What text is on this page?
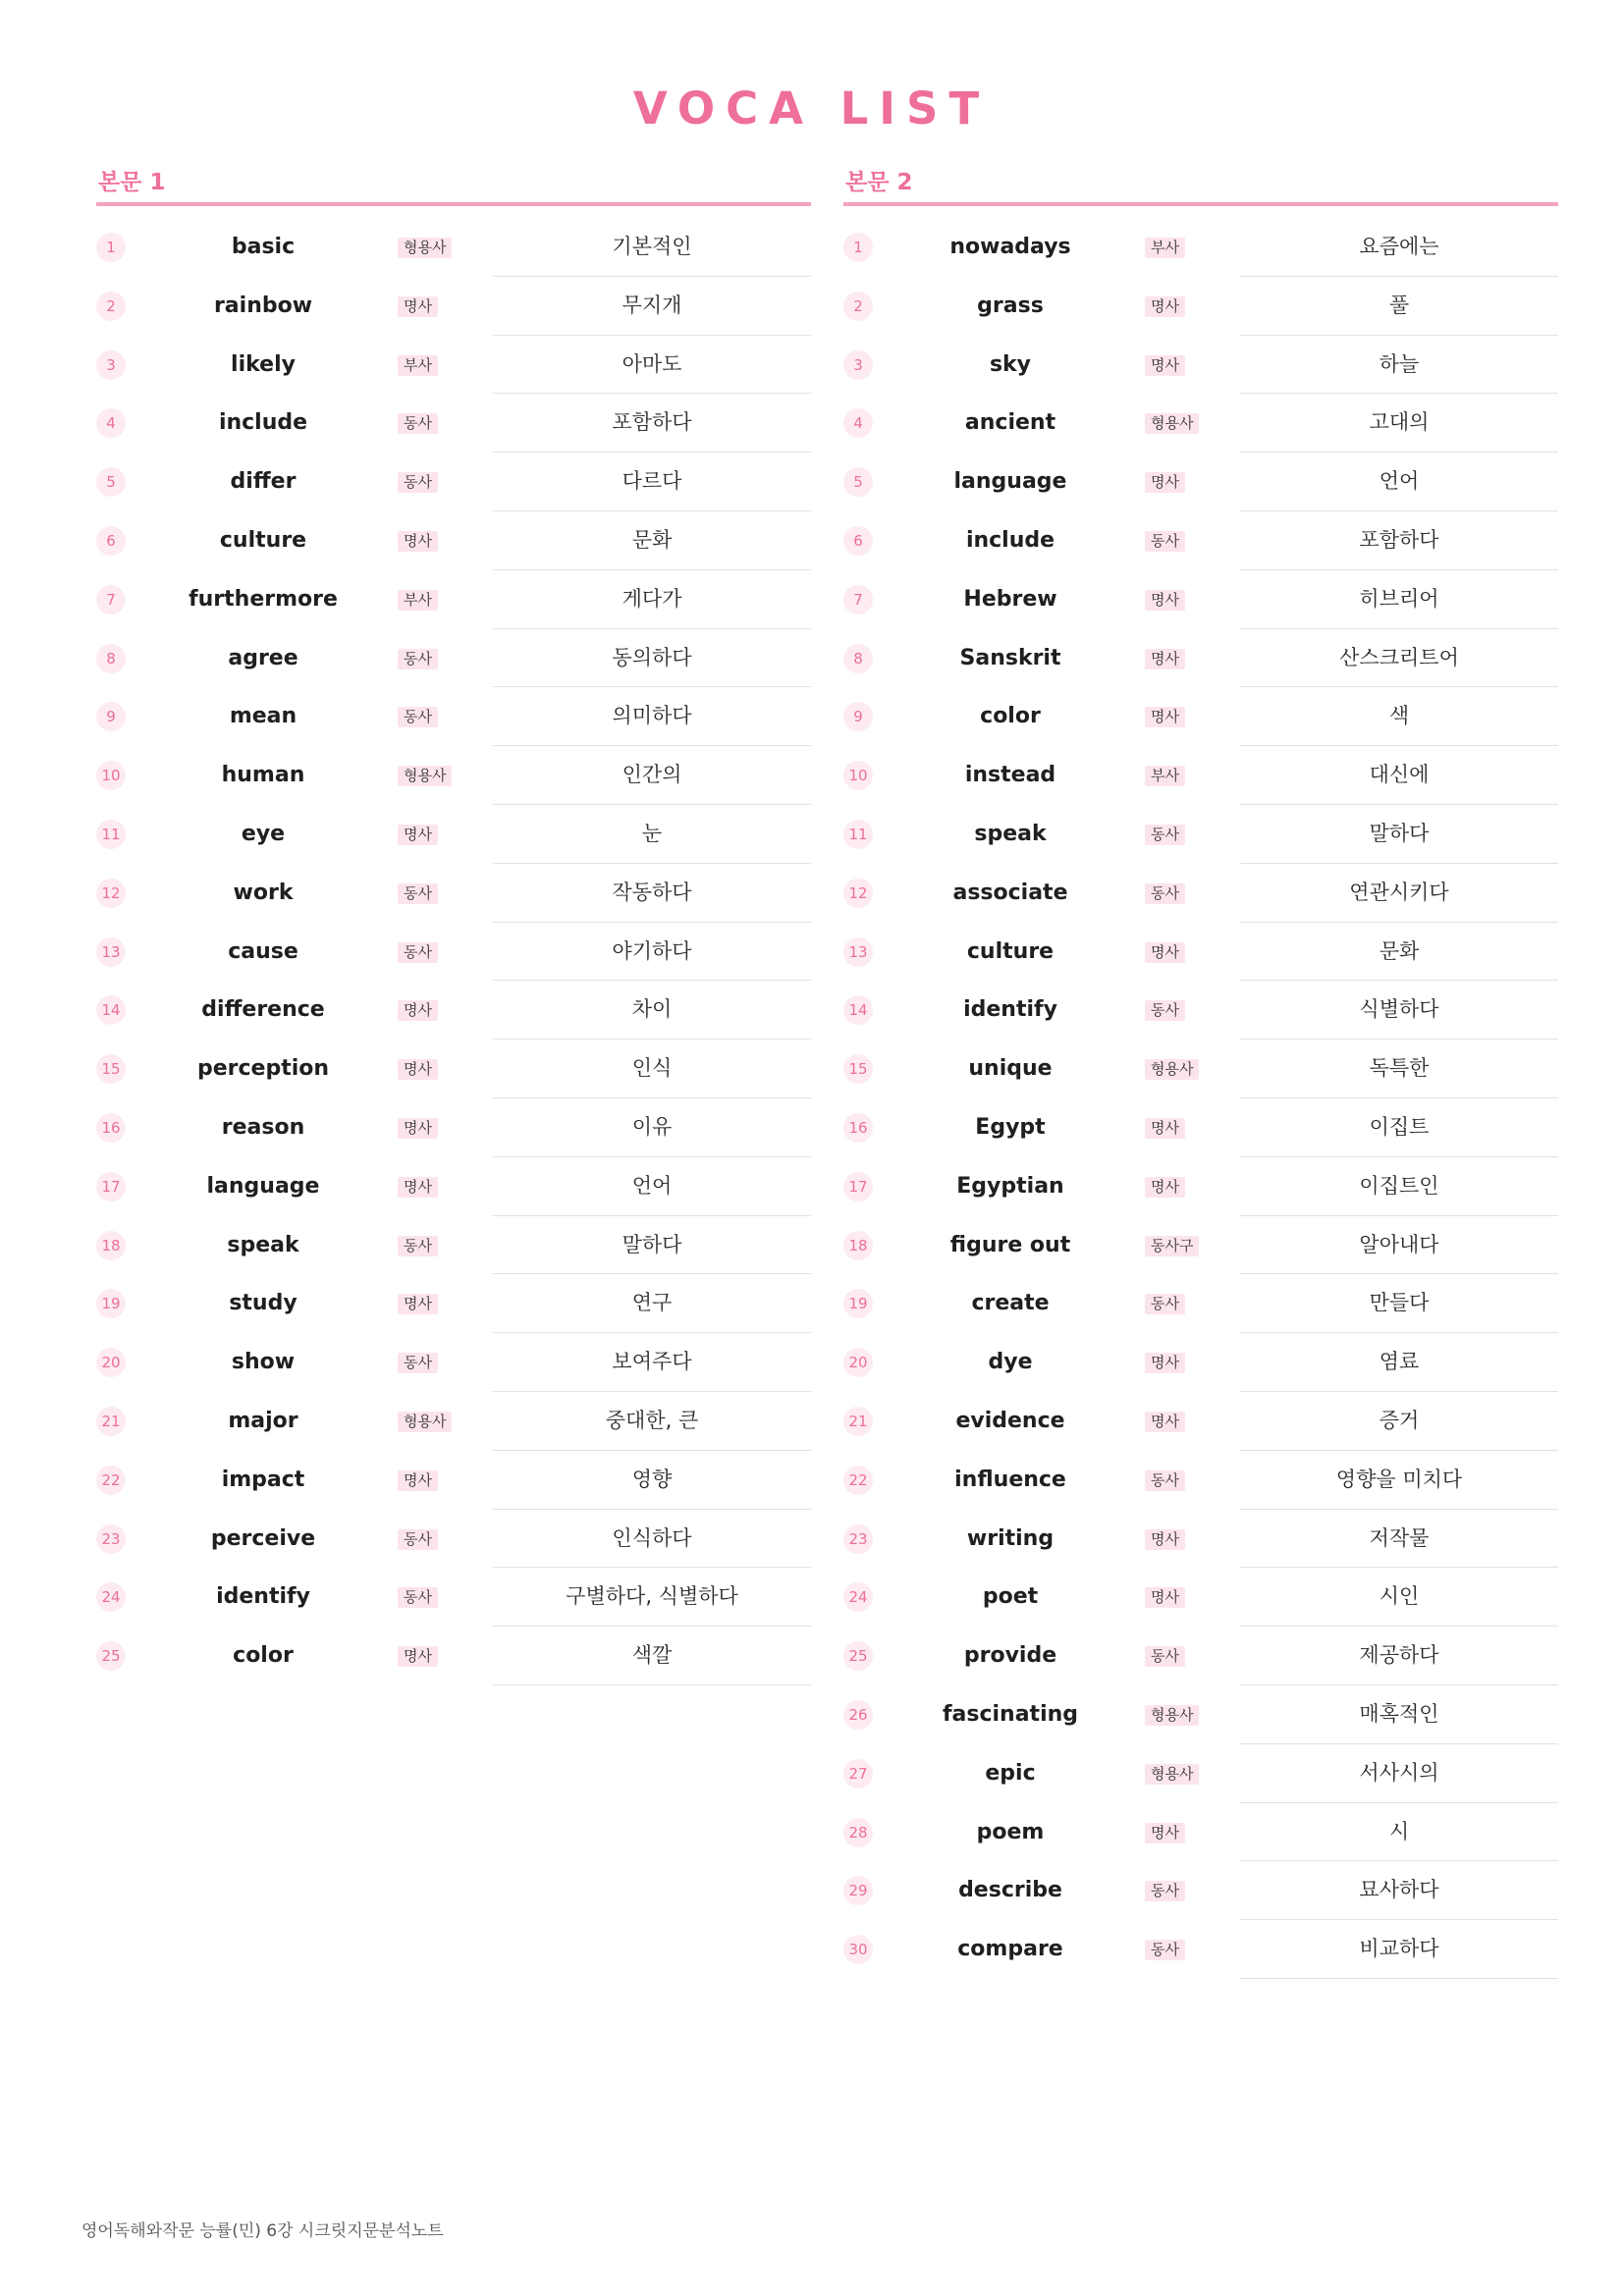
VOCA LIST
본문 1
1	basic	형용사	기본적인
2	rainbow	명사	무지개
3	likely	부사	아마도
4	include	동사	포함하다
5	differ	동사	다르다
6	culture	명사	문화
7	furthermore	부사	게다가
8	agree	동사	동의하다
9	mean	동사	의미하다
10	human	형용사	인간의
11	eye	명사	눈
12	work	동사	작동하다
13	cause	동사	야기하다
14	difference	명사	차이
15	perception	명사	인식
16	reason	명사	이유
17	language	명사	언어
18	speak	동사	말하다
19	study	명사	연구
20	show	동사	보여주다
21	major	형용사	중대한, 큰
22	impact	명사	영향
23	perceive	동사	인식하다
24	identify	동사	구별하다, 식별하다
25	color	명사	색깔
본문 2
1	nowadays	부사	요즘에는
2	grass	명사	풀
3	sky	명사	하늘
4	ancient	형용사	고대의
5	language	명사	언어
6	include	동사	포함하다
7	Hebrew	명사	히브리어
8	Sanskrit	명사	산스크리트어
9	color	명사	색
10	instead	부사	대신에
11	speak	동사	말하다
12	associate	동사	연관시키다
13	culture	명사	문화
14	identify	동사	식별하다
15	unique	형용사	독특한
16	Egypt	명사	이집트
17	Egyptian	명사	이집트인
18	figure out	동사구	알아내다
19	create	동사	만들다
20	dye	명사	염료
21	evidence	명사	증거
22	influence	동사	영향을 미치다
23	writing	명사	저작물
24	poet	명사	시인
25	provide	동사	제공하다
26	fascinating	형용사	매혹적인
27	epic	형용사	서사시의
28	poem	명사	시
29	describe	동사	묘사하다
30	compare	동사	비교하다
영어독해와작문 능률(민) 6강 시크릿지문분석노트
